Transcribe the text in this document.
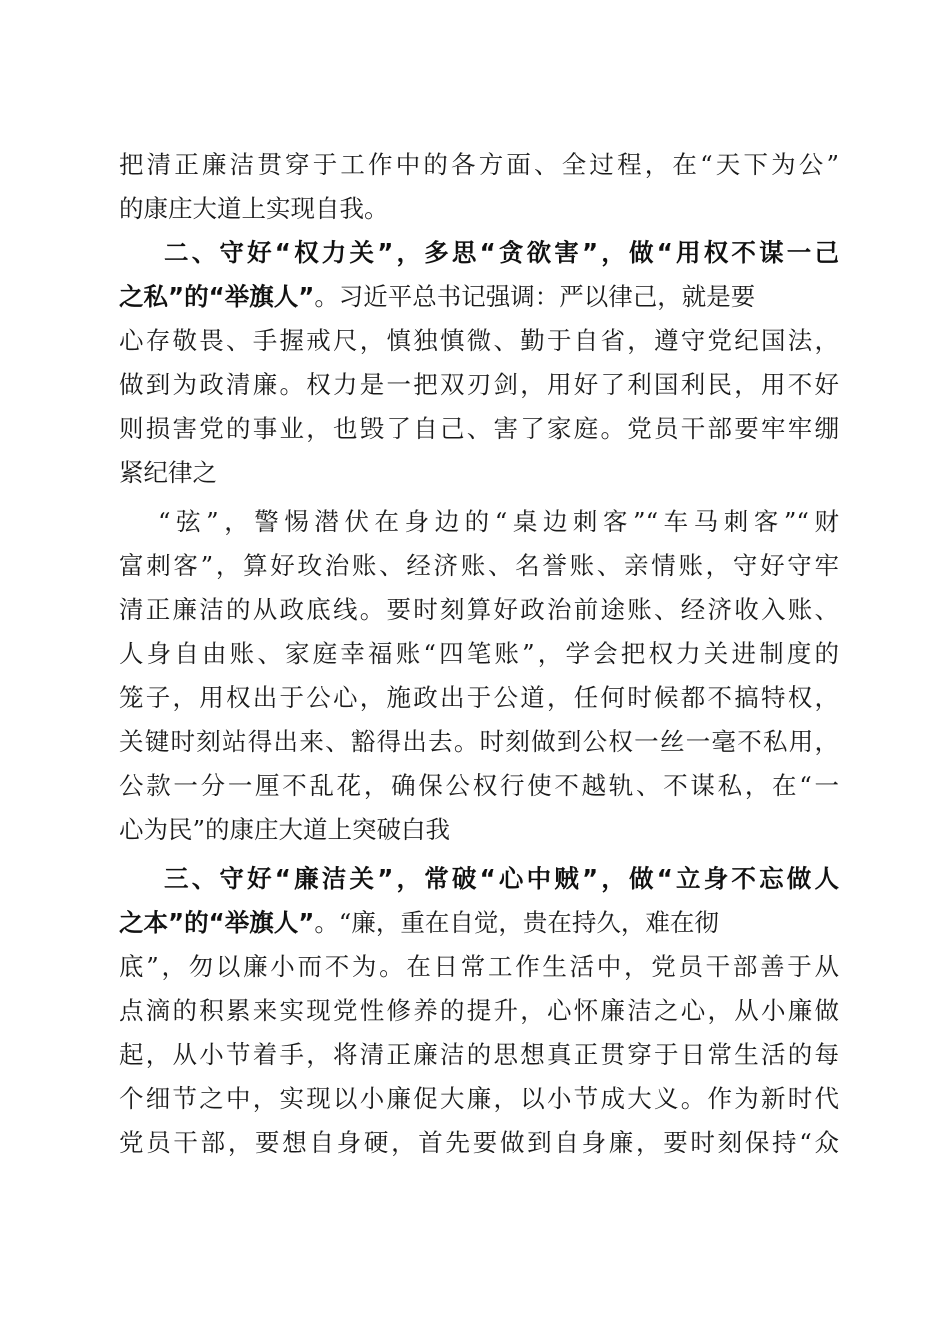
把清正廉洁贯穿于工作中的各方面、全过程，在“天下为公”
的康庄大道上实现自我。
二、守好“权力关”，多思“贪欲害”，做“用权不谋一己
之私”的“举旗人”。习近平总书记强调：严以律己，就是要
心存敬畏、手握戒尺，慎独慎微、勤于自省，遵守党纪国法，
做到为政清廉。权力是一把双刃剑，用好了利国利民，用不好
则损害党的事业，也毁了自己、害了家庭。党员干部要牢牢绷
紧纪律之
“弦”，警惕潜伏在身边的“桌边刺客”“车马刺客”“财
富刺客”，算好玫治账、经济账、名誉账、亲情账，守好守牢
清正廉洁的从政底线。要时刻算好政治前途账、经济收入账、
人身自由账、家庭幸福账“四笔账”，学会把权力关进制度的
笼子，用权出于公心，施政出于公道，任何时候都不搞特权，
关键时刻站得出来、豁得出去。时刻做到公权一丝一毫不私用，
公款一分一厘不乱花，确保公权行使不越轨、不谋私，在“一
心为民”的康庄大道上突破白我
三、守好“廉洁关”，常破“心中贼”，做“立身不忘做人
之本”的“举旗人”。“廉，重在自觉，贵在持久，难在彻
底”，勿以廉小而不为。在日常工作生活中，党员干部善于从
点滴的积累来实现党性修养的提升，心怀廉洁之心，从小廉做
起，从小节着手，将清正廉洁的思想真正贯穿于日常生活的每
个细节之中，实现以小廉促大廉，以小节成大义。作为新时代
党员干部，要想自身硬，首先要做到自身廉，要时刻保持“众
